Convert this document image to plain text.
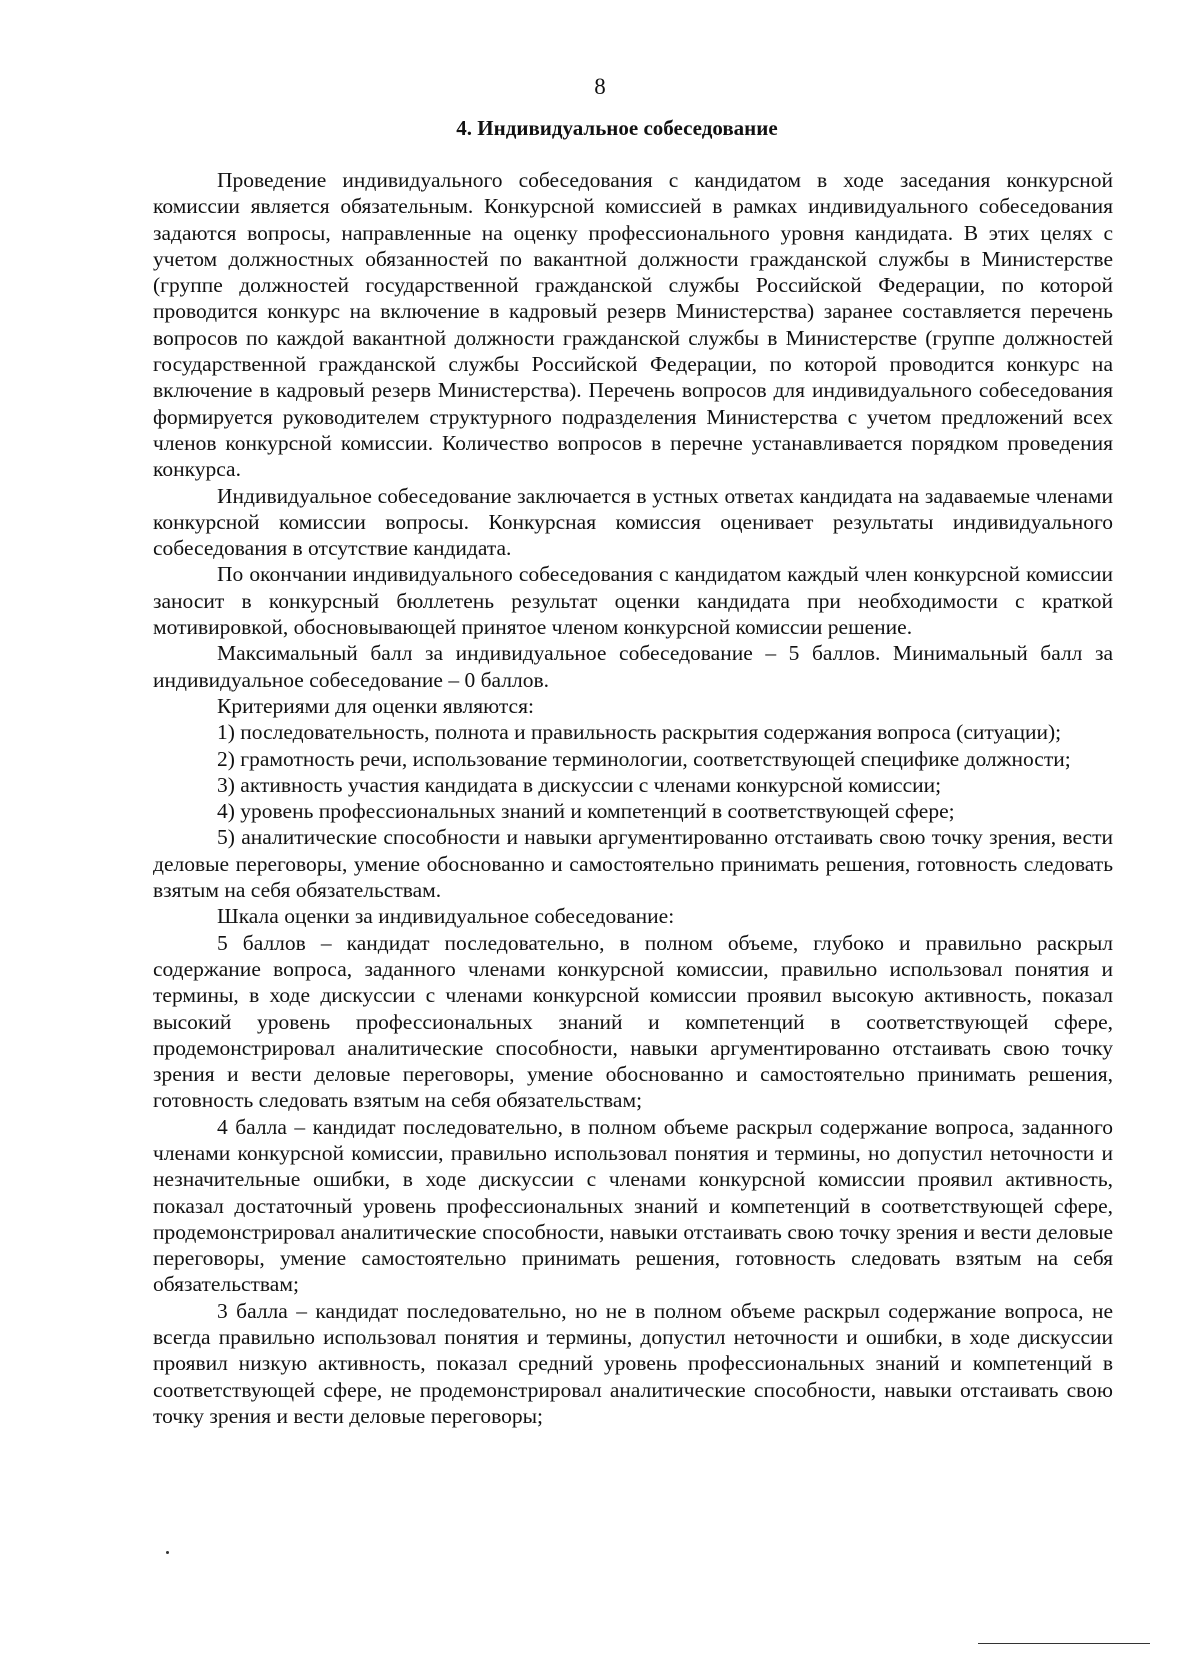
8
4. Индивидуальное собеседование

Проведение индивидуального собеседования с кандидатом в ходе заседания конкурсной комиссии является обязательным. Конкурсной комиссией в рамках индивидуального собеседования задаются вопросы, направленные на оценку профессионального уровня кандидата. В этих целях с учетом должностных обязанностей по вакантной должности гражданской службы в Министерстве (группе должностей государственной гражданской службы Российской Федерации, по которой проводится конкурс на включение в кадровый резерв Министерства) заранее составляется перечень вопросов по каждой вакантной должности гражданской службы в Министерстве (группе должностей государственной гражданской службы Российской Федерации, по которой проводится конкурс на включение в кадровый резерв Министерства). Перечень вопросов для индивидуального собеседования формируется руководителем структурного подразделения Министерства с учетом предложений всех членов конкурсной комиссии. Количество вопросов в перечне устанавливается порядком проведения конкурса.

Индивидуальное собеседование заключается в устных ответах кандидата на задаваемые членами конкурсной комиссии вопросы. Конкурсная комиссия оценивает результаты индивидуального собеседования в отсутствие кандидата.

По окончании индивидуального собеседования с кандидатом каждый член конкурсной комиссии заносит в конкурсный бюллетень результат оценки кандидата при необходимости с краткой мотивировкой, обосновывающей принятое членом конкурсной комиссии решение.

Максимальный балл за индивидуальное собеседование – 5 баллов. Минимальный балл за индивидуальное собеседование – 0 баллов.

Критериями для оценки являются:

1) последовательность, полнота и правильность раскрытия содержания вопроса (ситуации);

2) грамотность речи, использование терминологии, соответствующей специфике должности;

3) активность участия кандидата в дискуссии с членами конкурсной комиссии;

4) уровень профессиональных знаний и компетенций в соответствующей сфере;

5) аналитические способности и навыки аргументированно отстаивать свою точку зрения, вести деловые переговоры, умение обоснованно и самостоятельно принимать решения, готовность следовать взятым на себя обязательствам.

Шкала оценки за индивидуальное собеседование:

5 баллов – кандидат последовательно, в полном объеме, глубоко и правильно раскрыл содержание вопроса, заданного членами конкурсной комиссии, правильно использовал понятия и термины, в ходе дискуссии с членами конкурсной комиссии проявил высокую активность, показал высокий уровень профессиональных знаний и компетенций в соответствующей сфере, продемонстрировал аналитические способности, навыки аргументированно отстаивать свою точку зрения и вести деловые переговоры, умение обоснованно и самостоятельно принимать решения, готовность следовать взятым на себя обязательствам;

4 балла – кандидат последовательно, в полном объеме раскрыл содержание вопроса, заданного членами конкурсной комиссии, правильно использовал понятия и термины, но допустил неточности и незначительные ошибки, в ходе дискуссии с членами конкурсной комиссии проявил активность, показал достаточный уровень профессиональных знаний и компетенций в соответствующей сфере, продемонстрировал аналитические способности, навыки отстаивать свою точку зрения и вести деловые переговоры, умение самостоятельно принимать решения, готовность следовать взятым на себя обязательствам;

3 балла – кандидат последовательно, но не в полном объеме раскрыл содержание вопроса, не всегда правильно использовал понятия и термины, допустил неточности и ошибки, в ходе дискуссии проявил низкую активность, показал средний уровень профессиональных знаний и компетенций в соответствующей сфере, не продемонстрировал аналитические способности, навыки отстаивать свою точку зрения и вести деловые переговоры;
